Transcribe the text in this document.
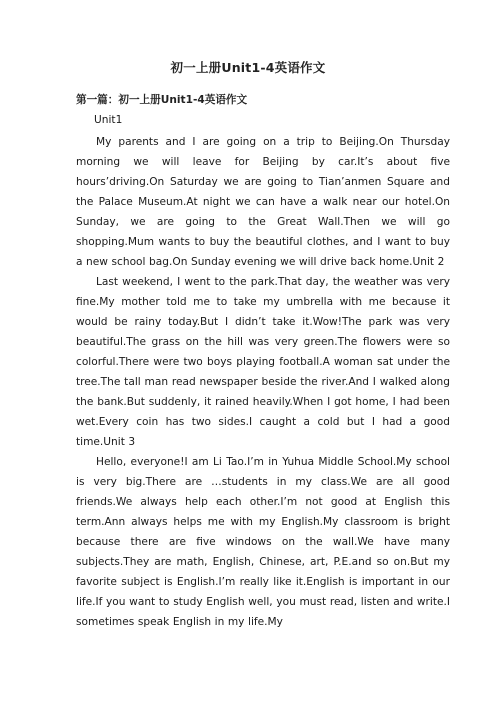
初一上册Unit1-4英语作文
第一篇：初一上册Unit1-4英语作文
Unit1

My parents and I are going on a trip to Beijing.On Thursday morning we will leave for Beijing by car.It’s about five hours’driving.On Saturday we are going to Tian’anmen Square and the Palace Museum.At night we can have a walk near our hotel.On Sunday, we are going to the Great Wall.Then we will go shopping.Mum wants to buy the beautiful clothes, and I want to buy a new school bag.On Sunday evening we will drive back home.Unit 2

Last weekend, I went to the park.That day, the weather was very fine.My mother told me to take my umbrella with me because it would be rainy today.But I didn’t take it.Wow!The park was very beautiful.The grass on the hill was very green.The flowers were so colorful.There were two boys playing football.A woman sat under the tree.The tall man read newspaper beside the river.And I walked along the bank.But suddenly, it rained heavily.When I got home, I had been wet.Every coin has two sides.I caught a cold but I had a good time.Unit 3

Hello, everyone!I am Li Tao.I’m in Yuhua Middle School.My school is very big.There are …students in my class.We are all good friends.We always help each other.I’m not good at English this term.Ann always helps me with my English.My classroom is bright because there are five windows on the wall.We have many subjects.They are math, English, Chinese, art, P.E.and so on.But my favorite subject is English.I’m really like it.English is important in our life.If you want to study English well, you must read, listen and write.I sometimes speak English in my life.My
